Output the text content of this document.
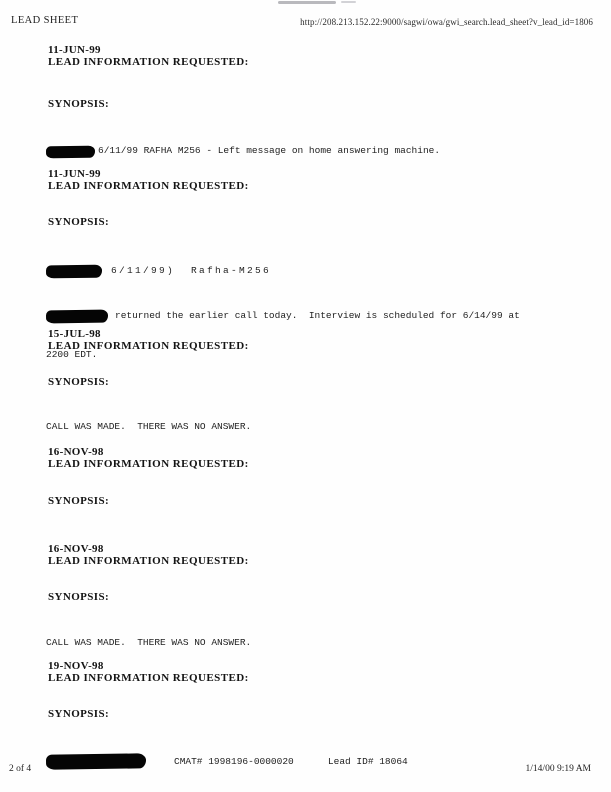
LEAD SHEET	http://208.213.152.22:9000/sagwi/owa/gwi_search.lead_sheet?v_lead_id=1806
11-JUN-99
LEAD INFORMATION REQUESTED:
SYNOPSIS:

6/11/99 RAFHA M256 - Left message on home answering machine.

11-JUN-99
LEAD INFORMATION REQUESTED:
SYNOPSIS:

6/11/99)  Rafha-M256

returned the earlier call today.  Interview is scheduled for 6/14/99 at

2200 EDT.

15-JUL-98
LEAD INFORMATION REQUESTED:
SYNOPSIS:

CALL WAS MADE.  THERE WAS NO ANSWER.

16-NOV-98
LEAD INFORMATION REQUESTED:
SYNOPSIS:
16-NOV-98
LEAD INFORMATION REQUESTED:
SYNOPSIS:

CALL WAS MADE.  THERE WAS NO ANSWER.

19-NOV-98
LEAD INFORMATION REQUESTED:
SYNOPSIS:

CMAT# 1998196-0000020      Lead ID# 18064

2 of 4	1/14/00 9:19 AM
